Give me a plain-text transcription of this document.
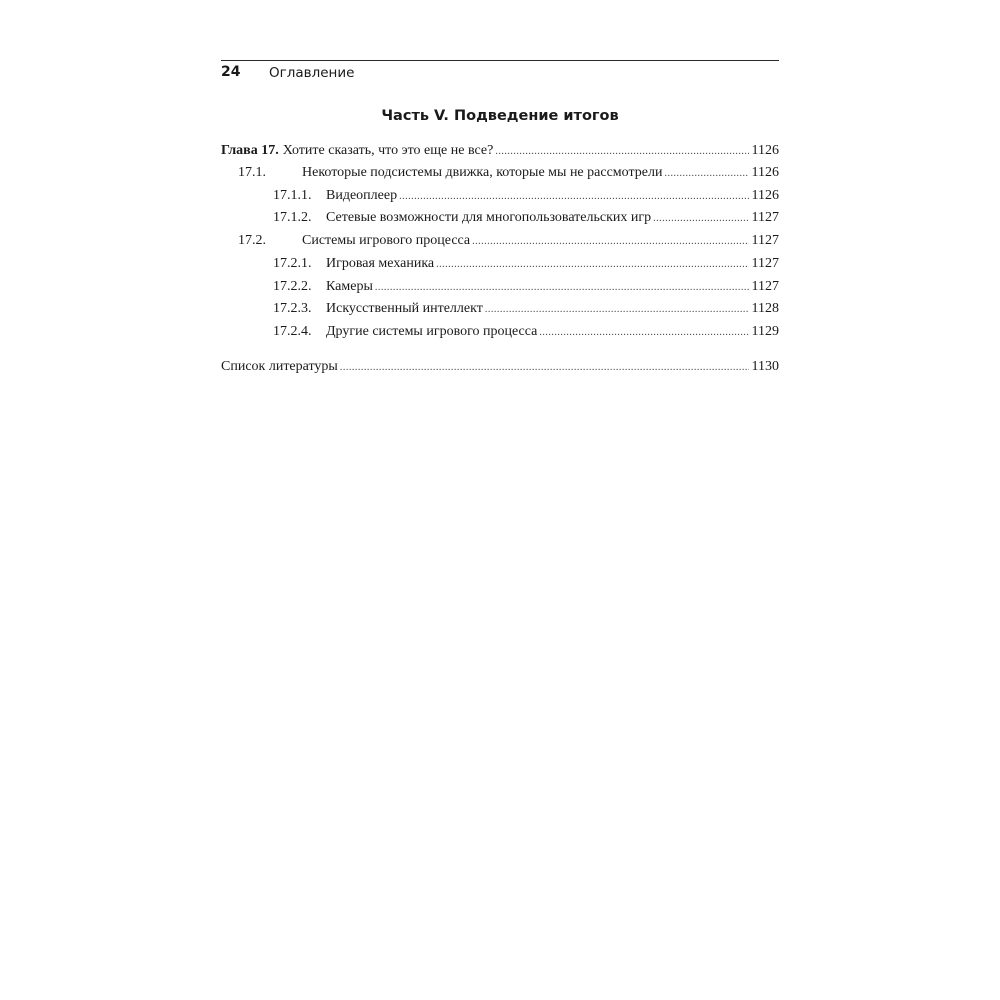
24 Оглавление
Часть V. Подведение итогов
Глава 17. Хотите сказать, что это еще не все? .....	1126
17.1.	Некоторые подсистемы движка, которые мы не рассмотрели .....	1126
17.1.1.	Видеоплеер .....	1126
17.1.2.	Сетевые возможности для многопользовательских игр .....	1127
17.2.	Системы игрового процесса .....	1127
17.2.1.	Игровая механика .....	1127
17.2.2.	Камеры .....	1127
17.2.3.	Искусственный интеллект .....	1128
17.2.4.	Другие системы игрового процесса .....	1129
Список литературы .....	1130
